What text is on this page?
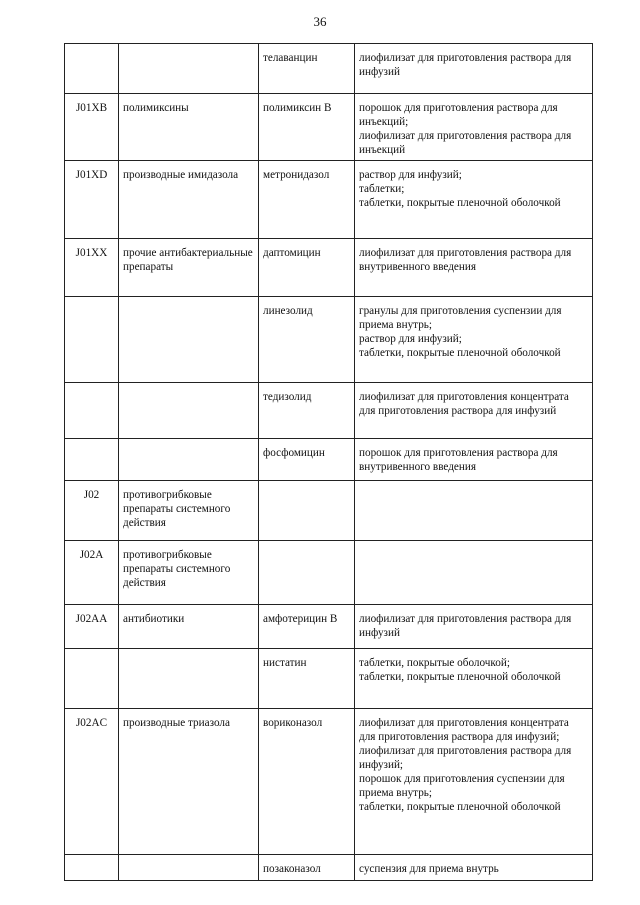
36
		телаванцин	лиофилизат для приготовления раствора для инфузий

J01XB	полимиксины	полимиксин B	порошок для приготовления раствора для инъекций;
лиофилизат для приготовления раствора для инъекций

J01XD	производные имидазола	метронидазол	раствор для инфузий;
таблетки;
таблетки, покрытые пленочной оболочкой

J01XX	прочие антибактериальные препараты	даптомицин	лиофилизат для приготовления раствора для внутривенного введения

		линезолид	гранулы для приготовления суспензии для приема внутрь;
раствор для инфузий;
таблетки, покрытые пленочной оболочкой

		тедизолид	лиофилизат для приготовления концентрата для приготовления раствора для инфузий

		фосфомицин	порошок для приготовления раствора для внутривенного введения

J02	противогрибковые препараты системного действия		
J02A	противогрибковые препараты системного действия		
J02AA	антибиотики	амфотерицин B	лиофилизат для приготовления раствора для инфузий

		нистатин	таблетки, покрытые оболочкой;
таблетки, покрытые пленочной оболочкой

J02AC	производные триазола	вориконазол	лиофилизат для приготовления концентрата для приготовления раствора для инфузий;
лиофилизат для приготовления раствора для инфузий;
порошок для приготовления суспензии для приема внутрь;
таблетки, покрытые пленочной оболочкой

		позаконазол	суспензия для приема внутрь
